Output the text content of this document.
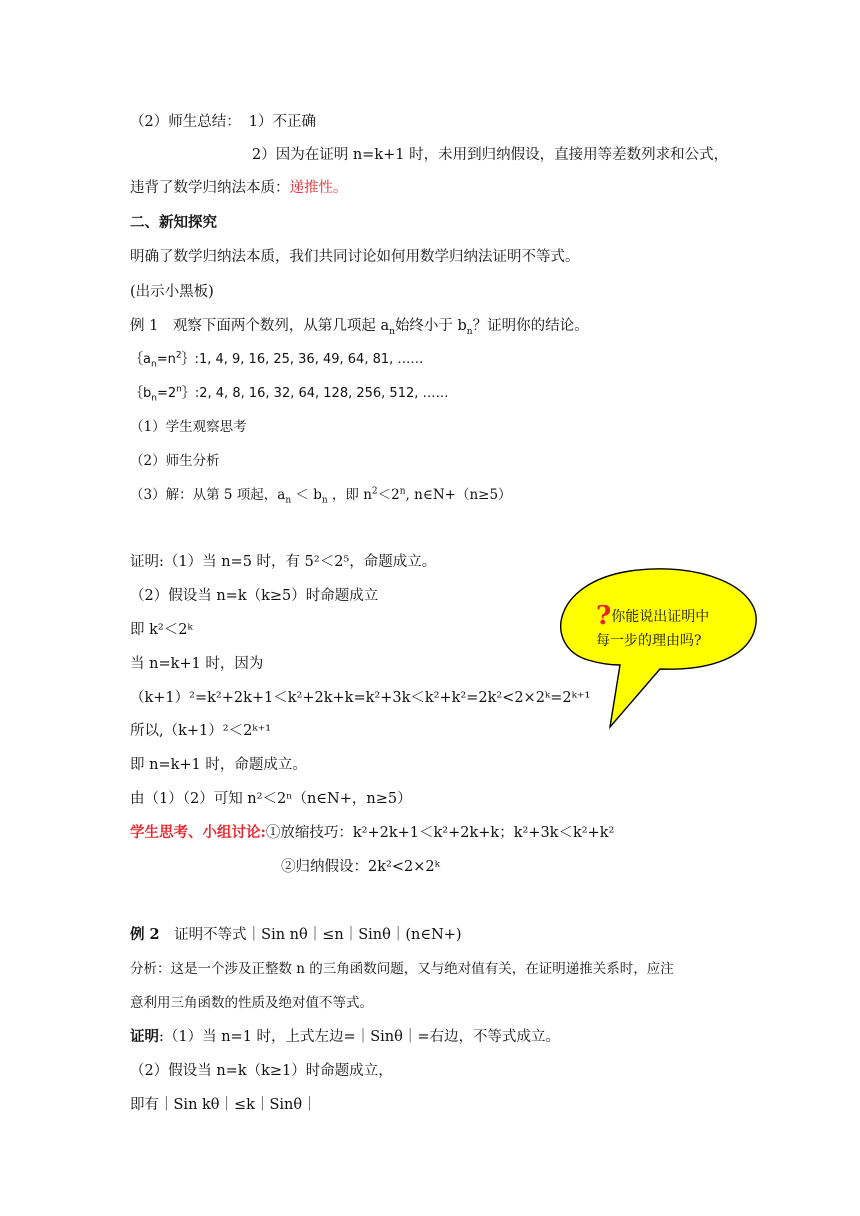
（2）师生总结： 1）不正确
2）因为在证明 n=k+1 时，未用到归纳假设，直接用等差数列求和公式，
违背了数学归纳法本质：递推性。
二、新知探究
明确了数学归纳法本质，我们共同讨论如何用数学归纳法证明不等式。
(出示小黑板)
例 1　观察下面两个数列，从第几项起 $a_n$始终小于 $b_n$？证明你的结论。
$\{a_n=n^2\}:1$, 4, 9, 16, 25, 36, 49, 64, 81, ……
$\{b_n=2^n\}:2$, 4, 8, 16, 32, 64, 128, 256, 512, ……
（1）学生观察思考
（2）师生分析
（3）解：从第 5 项起，$a_n < b_n$ ，即 $n^2<2^n$, n∈N+（n≥5）
证明:（1）当 n=5 时，有 5²＜2⁵，命题成立。
（2）假设当 n=k（k≥5）时命题成立
即 k²＜2ᵏ
当 n=k+1 时，因为
（k+1）²=k²+2k+1＜k²+2k+k=k²+3k＜k²+k²=2k²<2×2ᵏ=2ᵏ⁺¹
所以,（k+1）²＜2ᵏ⁺¹
即 n=k+1 时，命题成立。
由（1）（2）可知 n²＜2ⁿ（n∈N+，n≥5）
学生思考、小组讨论:①放缩技巧：k²+2k+1＜k²+2k+k；k²+3k＜k²+k²
②归纳假设：2k²<2×2ᵏ
例 2　证明不等式｜Sin nθ｜≤n｜Sinθ｜(n∈N+)
分析：这是一个涉及正整数 n 的三角函数问题，又与绝对值有关，在证明递推关系时，应注
意利用三角函数的性质及绝对值不等式。
证明:（1）当 n=1 时，上式左边=｜Sinθ｜=右边，不等式成立。
（2）假设当 n=k（k≥1）时命题成立，
即有｜Sin kθ｜≤k｜Sinθ｜
?你能说出证明中
每一步的理由吗?
